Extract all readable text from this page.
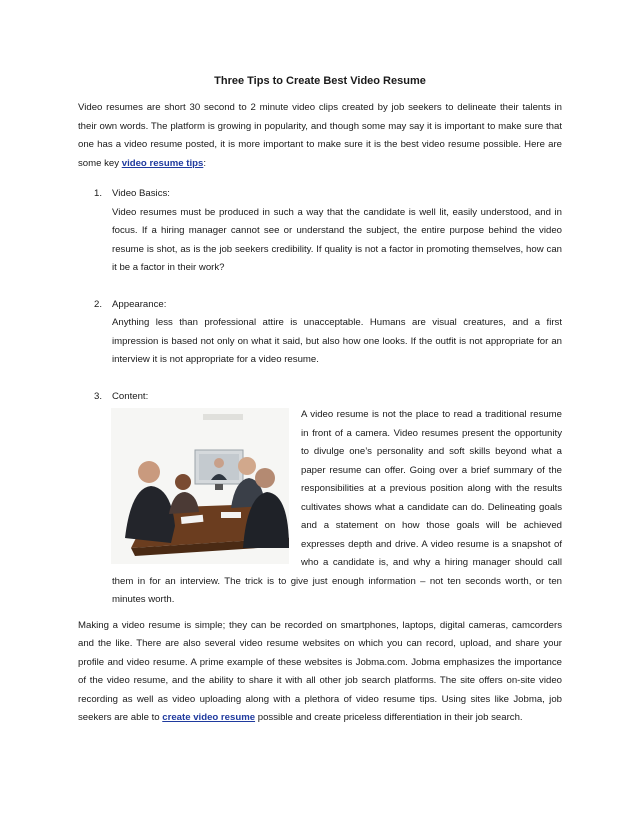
Three Tips to Create Best Video Resume

Video resumes are short 30 second to 2 minute video clips created by job seekers to delineate their talents in their own words. The platform is growing in popularity, and though some may say it is important to make sure that one has a video resume posted, it is more important to make sure it is the best video resume possible. Here are some key video resume tips:

1. Video Basics:
Video resumes must be produced in such a way that the candidate is well lit, easily understood, and in focus. If a hiring manager cannot see or understand the subject, the entire purpose behind the video resume is shot, as is the job seekers credibility. If quality is not a factor in promoting themselves, how can it be a factor in their work?
2. Appearance:
Anything less than professional attire is unacceptable. Humans are visual creatures, and a first impression is based not only on what it said, but also how one looks. If the outfit is not appropriate for an interview it is not appropriate for a video resume.
3. Content:
A video resume is not the place to read a traditional resume in front of a camera. Video resumes present the opportunity to divulge one’s personality and soft skills beyond what a paper resume can offer. Going over a brief summary of the responsibilities at a previous position along with the results cultivates shows what a candidate can do. Delineating goals and a statement on how those goals will be achieved expresses depth and drive. A video resume is a snapshot of who a candidate is, and why a hiring manager should call them in for an interview. The trick is to give just enough information – not ten seconds worth, or ten minutes worth.

Making a video resume is simple; they can be recorded on smartphones, laptops, digital cameras, camcorders and the like. There are also several video resume websites on which you can record, upload, and share your profile and video resume. A prime example of these websites is Jobma.com. Jobma emphasizes the importance of the video resume, and the ability to share it with all other job search platforms. The site offers on-site video recording as well as video uploading along with a plethora of video resume tips. Using sites like Jobma, job seekers are able to create video resume possible and create priceless differentiation in their job search.
